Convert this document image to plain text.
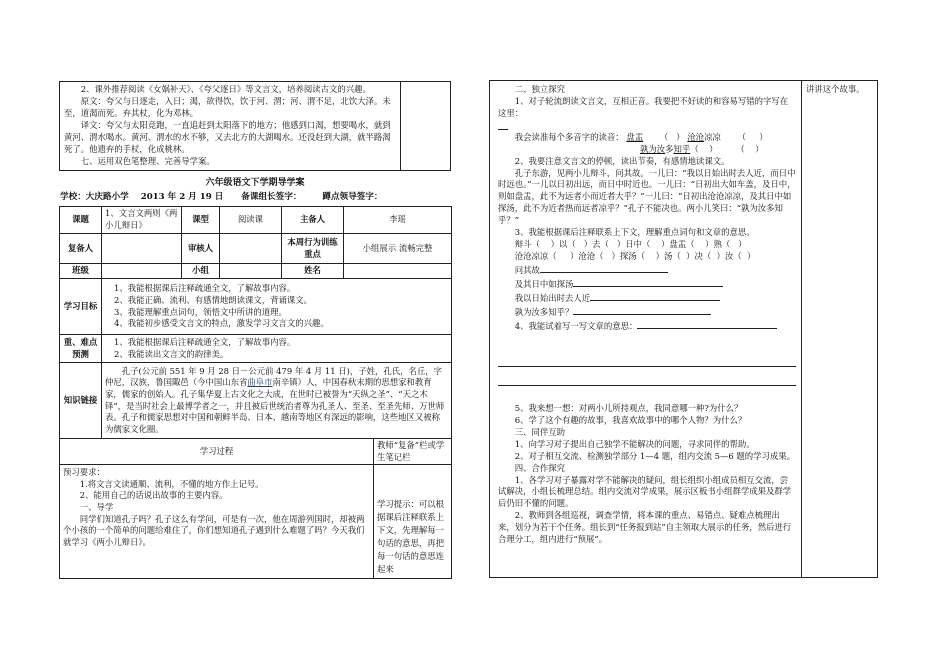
2、课外推荐阅读《女娲补天》、《夸父逐日》等文言文，培养阅读古文的兴趣。

原文：夸父与日逐走，入日；渴，欲得饮，饮于河、渭；河、渭不足，北饮大泽。未至，道渴而死。弃其杖，化为邓林。

译文：夸父与太阳竞跑，一直追赶到太阳落下的地方；他感到口渴，想要喝水，就到黄河、渭水喝水。黄河、渭水的水不够，又去北方的大湖喝水。还没赶到大湖，就半路渴死了。他遗弃的手杖，化成桃林。

七、运用双色笔整理、完善导学案。

六年级语文下学期导学案
学校：大庆路小学    2013 年 2 月 19 日      备课组长签字：       蹲点领导签字：
课题	1、文言文两则《两小儿辩日》	课型	阅读课	主备人	李瑶
复备人		审核人		本周行为训练重点	小组展示 流畅完整
班级		小组		姓名	
学习目标	1、我能根据课后注释疏通全文，了解故事内容。

2、我能正确、流利、有感情地朗读课文，背诵课文。

3、我能理解重点词句，领悟文中所讲的道理。

4、我能初步感受文言文的特点，激发学习文言文的兴趣。

重、难点预测	1、我能根据课后注释疏通全文，了解故事内容。

2、我能读出文言文的韵律美。

知识链接	孔子(公元前 551 年 9 月 28 日－公元前 479 年 4 月 11 日)，子姓，孔氏，名丘，字仲尼，汉族，鲁国陬邑（今中国山东省曲阜市南辛镇）人，中国春秋末期的思想家和教育家，儒家的创始人。孔子集华夏上古文化之大成，在世时已被誉为“天纵之圣”、“天之木铎”，是当时社会上最博学者之一，并且被后世统治者尊为孔圣人、至圣、至圣先师、万世师表。孔子和儒家思想对中国和朝鲜半岛、日本、越南等地区有深远的影响，这些地区又被称为儒家文化圈。

学习过程	教师“复备”栏或学生笔记栏

预习要求：

1.将文言文读通顺、流利，不懂的地方作上记号。

2、能用自己的话说出故事的主要内容。

一、导学

同学们知道孔子吗？孔子这么有学问，可是有一次，他在周游列国时，却被两个小孩的一个简单的问题给难住了，你们想知道孔子遇到什么难题了吗？今天我们就学习《两小儿辩日》。	学习提示：可以根据课后注释联系上下文，先理解每一句话的意思，再把每一句话的意思连起来

讲讲这个故事。

二、独立探究

1、对子轮流朗读文言文，互相正音。我要把不好读的和容易写错的字写在这里：

我会读准每个多音字的读音： 盘盂 （   ） 沧沧凉凉 （     ）

孰为汝多知乎（    ）       （    ）

2、我要注意文言文的停顿，读出节奏，有感情地读课文。

孔子东游，见两小儿辩斗，问其故。一儿曰：“我以日始出时去人近，而日中时远也。”一儿以日初出远，而日中时近也。一儿曰：“日初出大如车盖，及日中，则如盘盂，此不为远者小而近者大乎？”一儿曰：“日初出沧沧凉凉，及其日中如探汤，此不为近者热而远者凉乎？”孔子不能决也。两小儿笑曰：“孰为汝多知乎？”

3、我能根据课后注释联系上下文，理解重点词句和文章的意思。

辩斗（    ）以（   ）去（   ）日中（    ）盘盂（    ）熟（   ）

沧沧凉凉（     ）沧沧（   ）探汤（    ）汤（  ）决（  ）汝（  ）

问其故

及其日中如探汤

我以日始出时去人近

孰为汝多知乎？

4、我能试着写一写文章的意思：

5、我来想一想：对两小儿所持观点，我同意哪一种?为什么？

6、学了这个有趣的故事，我喜欢故事中的哪个人物？为什么？

三、同伴互助

1、向学习对子提出自己独学不能解决的问题，寻求同伴的帮助。

2、对子相互交流、检测独学部分 1—4 题，组内交流 5—6 题的学习成果。

四、合作探究

1、各学习对子暴露对学不能解决的疑问，组长组织小组成员相互交流，尝试解决，小组长梳理总结。组内交流对学成果，展示区板书小组群学成果及群学后仍旧不懂的问题。

2、教师到各组巡视，调查学情，将本课的重点、易错点、疑难点梳理出来，划分为若干个任务。组长到“任务报到站”自主领取大展示的任务，然后进行合理分工，组内进行“预展”。
